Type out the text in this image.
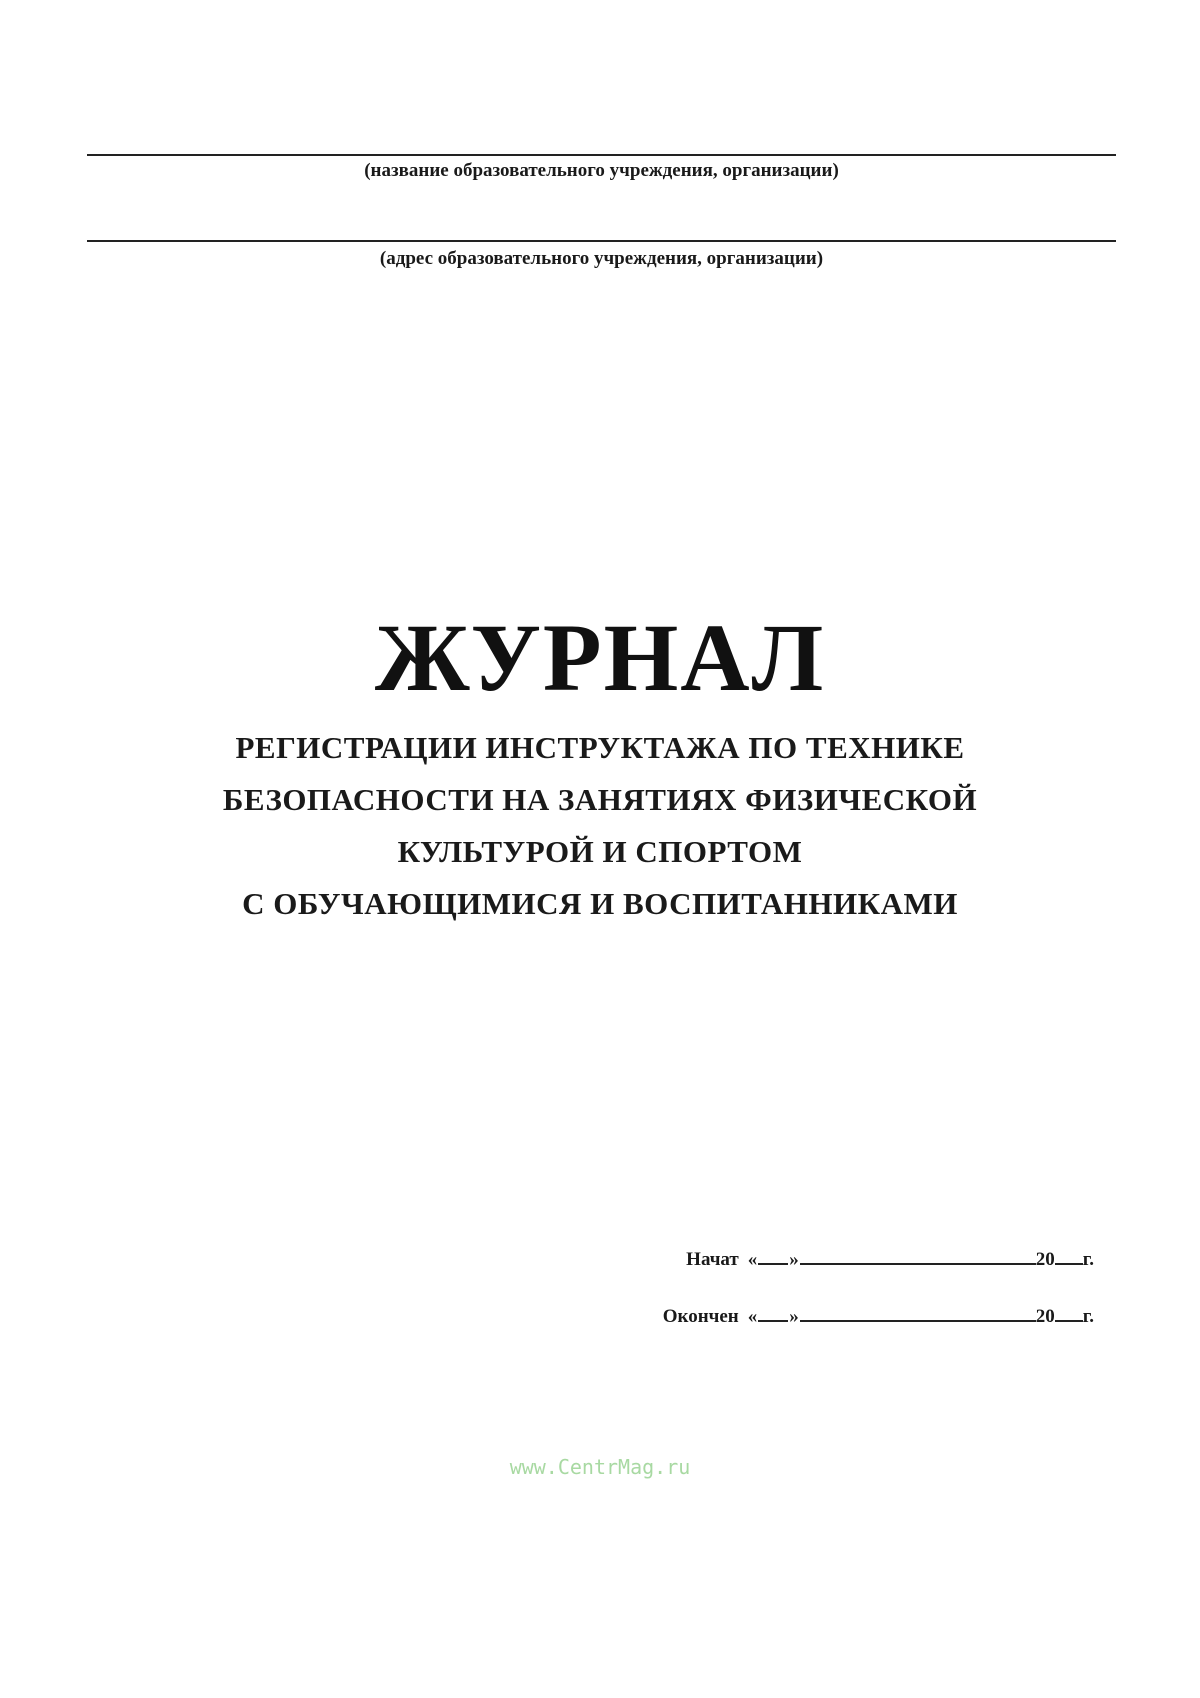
(название образовательного учреждения, организации)
(адрес образовательного учреждения, организации)
ЖУРНАЛ
РЕГИСТРАЦИИ ИНСТРУКТАЖА ПО ТЕХНИКЕ
БЕЗОПАСНОСТИ НА ЗАНЯТИЯХ ФИЗИЧЕСКОЙ
КУЛЬТУРОЙ И СПОРТОМ
С ОБУЧАЮЩИМИСЯ И ВОСПИТАННИКАМИ
Начат « »	20 г.
Окончен « »	20 г.
www.CentrMag.ru
